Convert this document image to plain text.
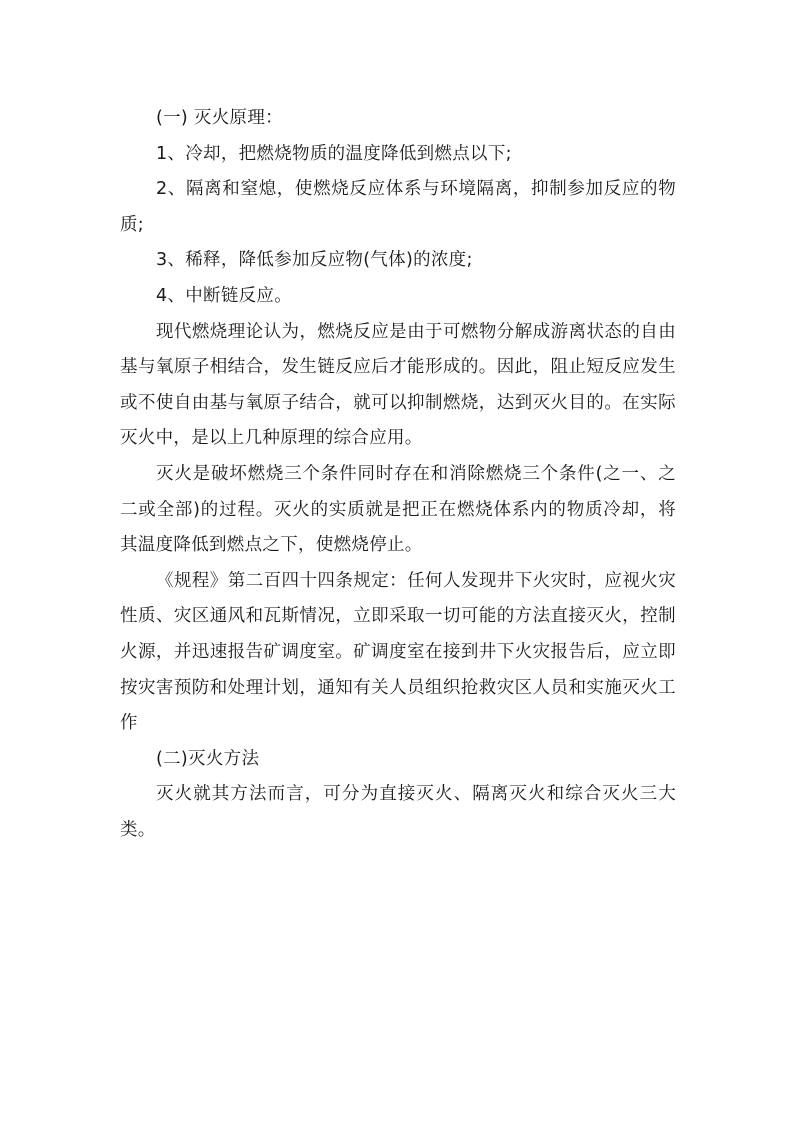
(一) 灭火原理：

1、冷却，把燃烧物质的温度降低到燃点以下;

2、隔离和窒熄，使燃烧反应体系与环境隔离，抑制参加反应的物质;

3、稀释，降低参加反应物(气体)的浓度;

4、中断链反应。

现代燃烧理论认为，燃烧反应是由于可燃物分解成游离状态的自由基与氧原子相结合，发生链反应后才能形成的。因此，阻止短反应发生或不使自由基与氧原子结合，就可以抑制燃烧，达到灭火目的。在实际灭火中，是以上几种原理的综合应用。

灭火是破坏燃烧三个条件同时存在和消除燃烧三个条件(之一、之二或全部)的过程。灭火的实质就是把正在燃烧体系内的物质冷却，将其温度降低到燃点之下，使燃烧停止。

《规程》第二百四十四条规定：任何人发现井下火灾时，应视火灾性质、灾区通风和瓦斯情况，立即采取一切可能的方法直接灭火，控制火源，并迅速报告矿调度室。矿调度室在接到井下火灾报告后，应立即按灾害预防和处理计划，通知有关人员组织抢救灾区人员和实施灭火工作

(二)灭火方法

灭火就其方法而言，可分为直接灭火、隔离灭火和综合灭火三大类。
